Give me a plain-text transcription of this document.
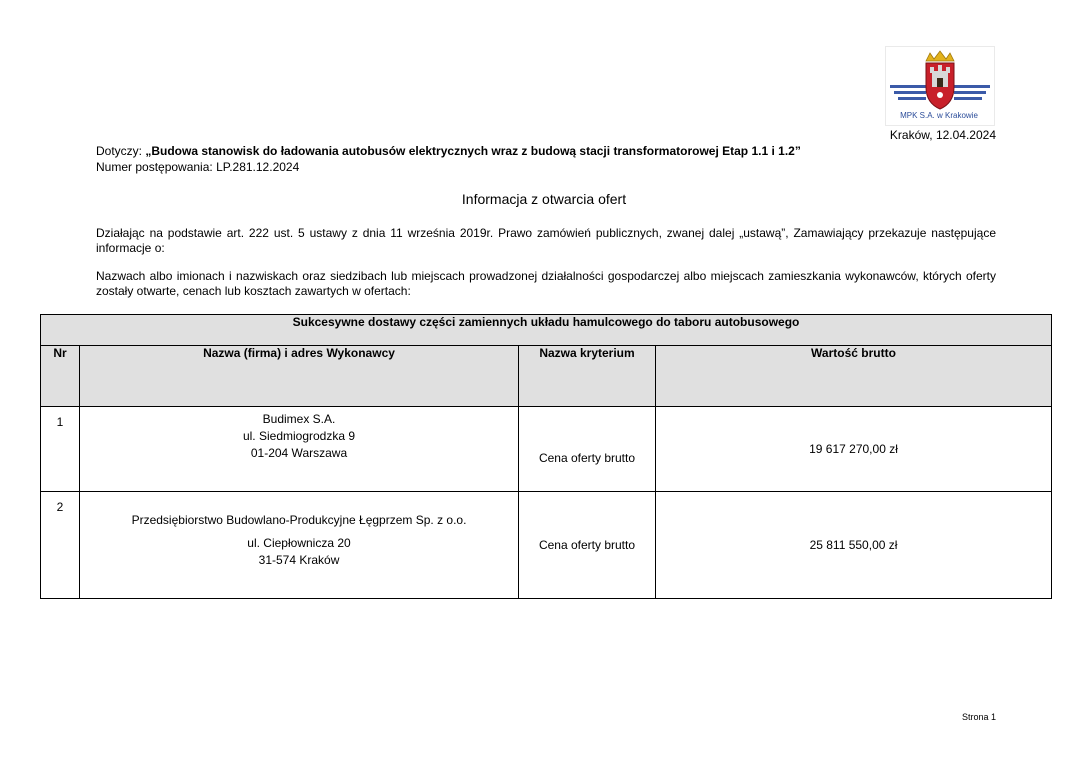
MPK S.A. w Krakowie
Kraków, 12.04.2024
Dotyczy: „Budowa stanowisk do ładowania autobusów elektrycznych wraz z budową stacji transformatorowej Etap 1.1 i 1.2”
Numer postępowania: LP.281.12.2024
Informacja z otwarcia ofert
Działając na podstawie art. 222 ust. 5 ustawy z dnia 11 września 2019r. Prawo zamówień publicznych, zwanej dalej „ustawą”, Zamawiający przekazuje następujące informacje o:
Nazwach albo imionach i nazwiskach oraz siedzibach lub miejscach prowadzonej działalności gospodarczej albo miejscach zamieszkania wykonawców, których oferty zostały otwarte, cenach lub kosztach zawartych w ofertach:
Sukcesywne dostawy części zamiennych układu hamulcowego do taboru autobusowego			
Nr	Nazwa (firma) i adres Wykonawcy	Nazwa kryterium	Wartość brutto
1	Budimex S.A.
ul. Siedmiogrodzka 9
01-204 Warszawa	Cena oferty brutto	19 617 270,00 zł
2	Przedsiębiorstwo Budowlano-Produkcyjne Łęgprzem Sp. z o.o.
ul. Ciepłownicza 20
31-574 Kraków	Cena oferty brutto	25 811 550,00 zł
Strona 1
